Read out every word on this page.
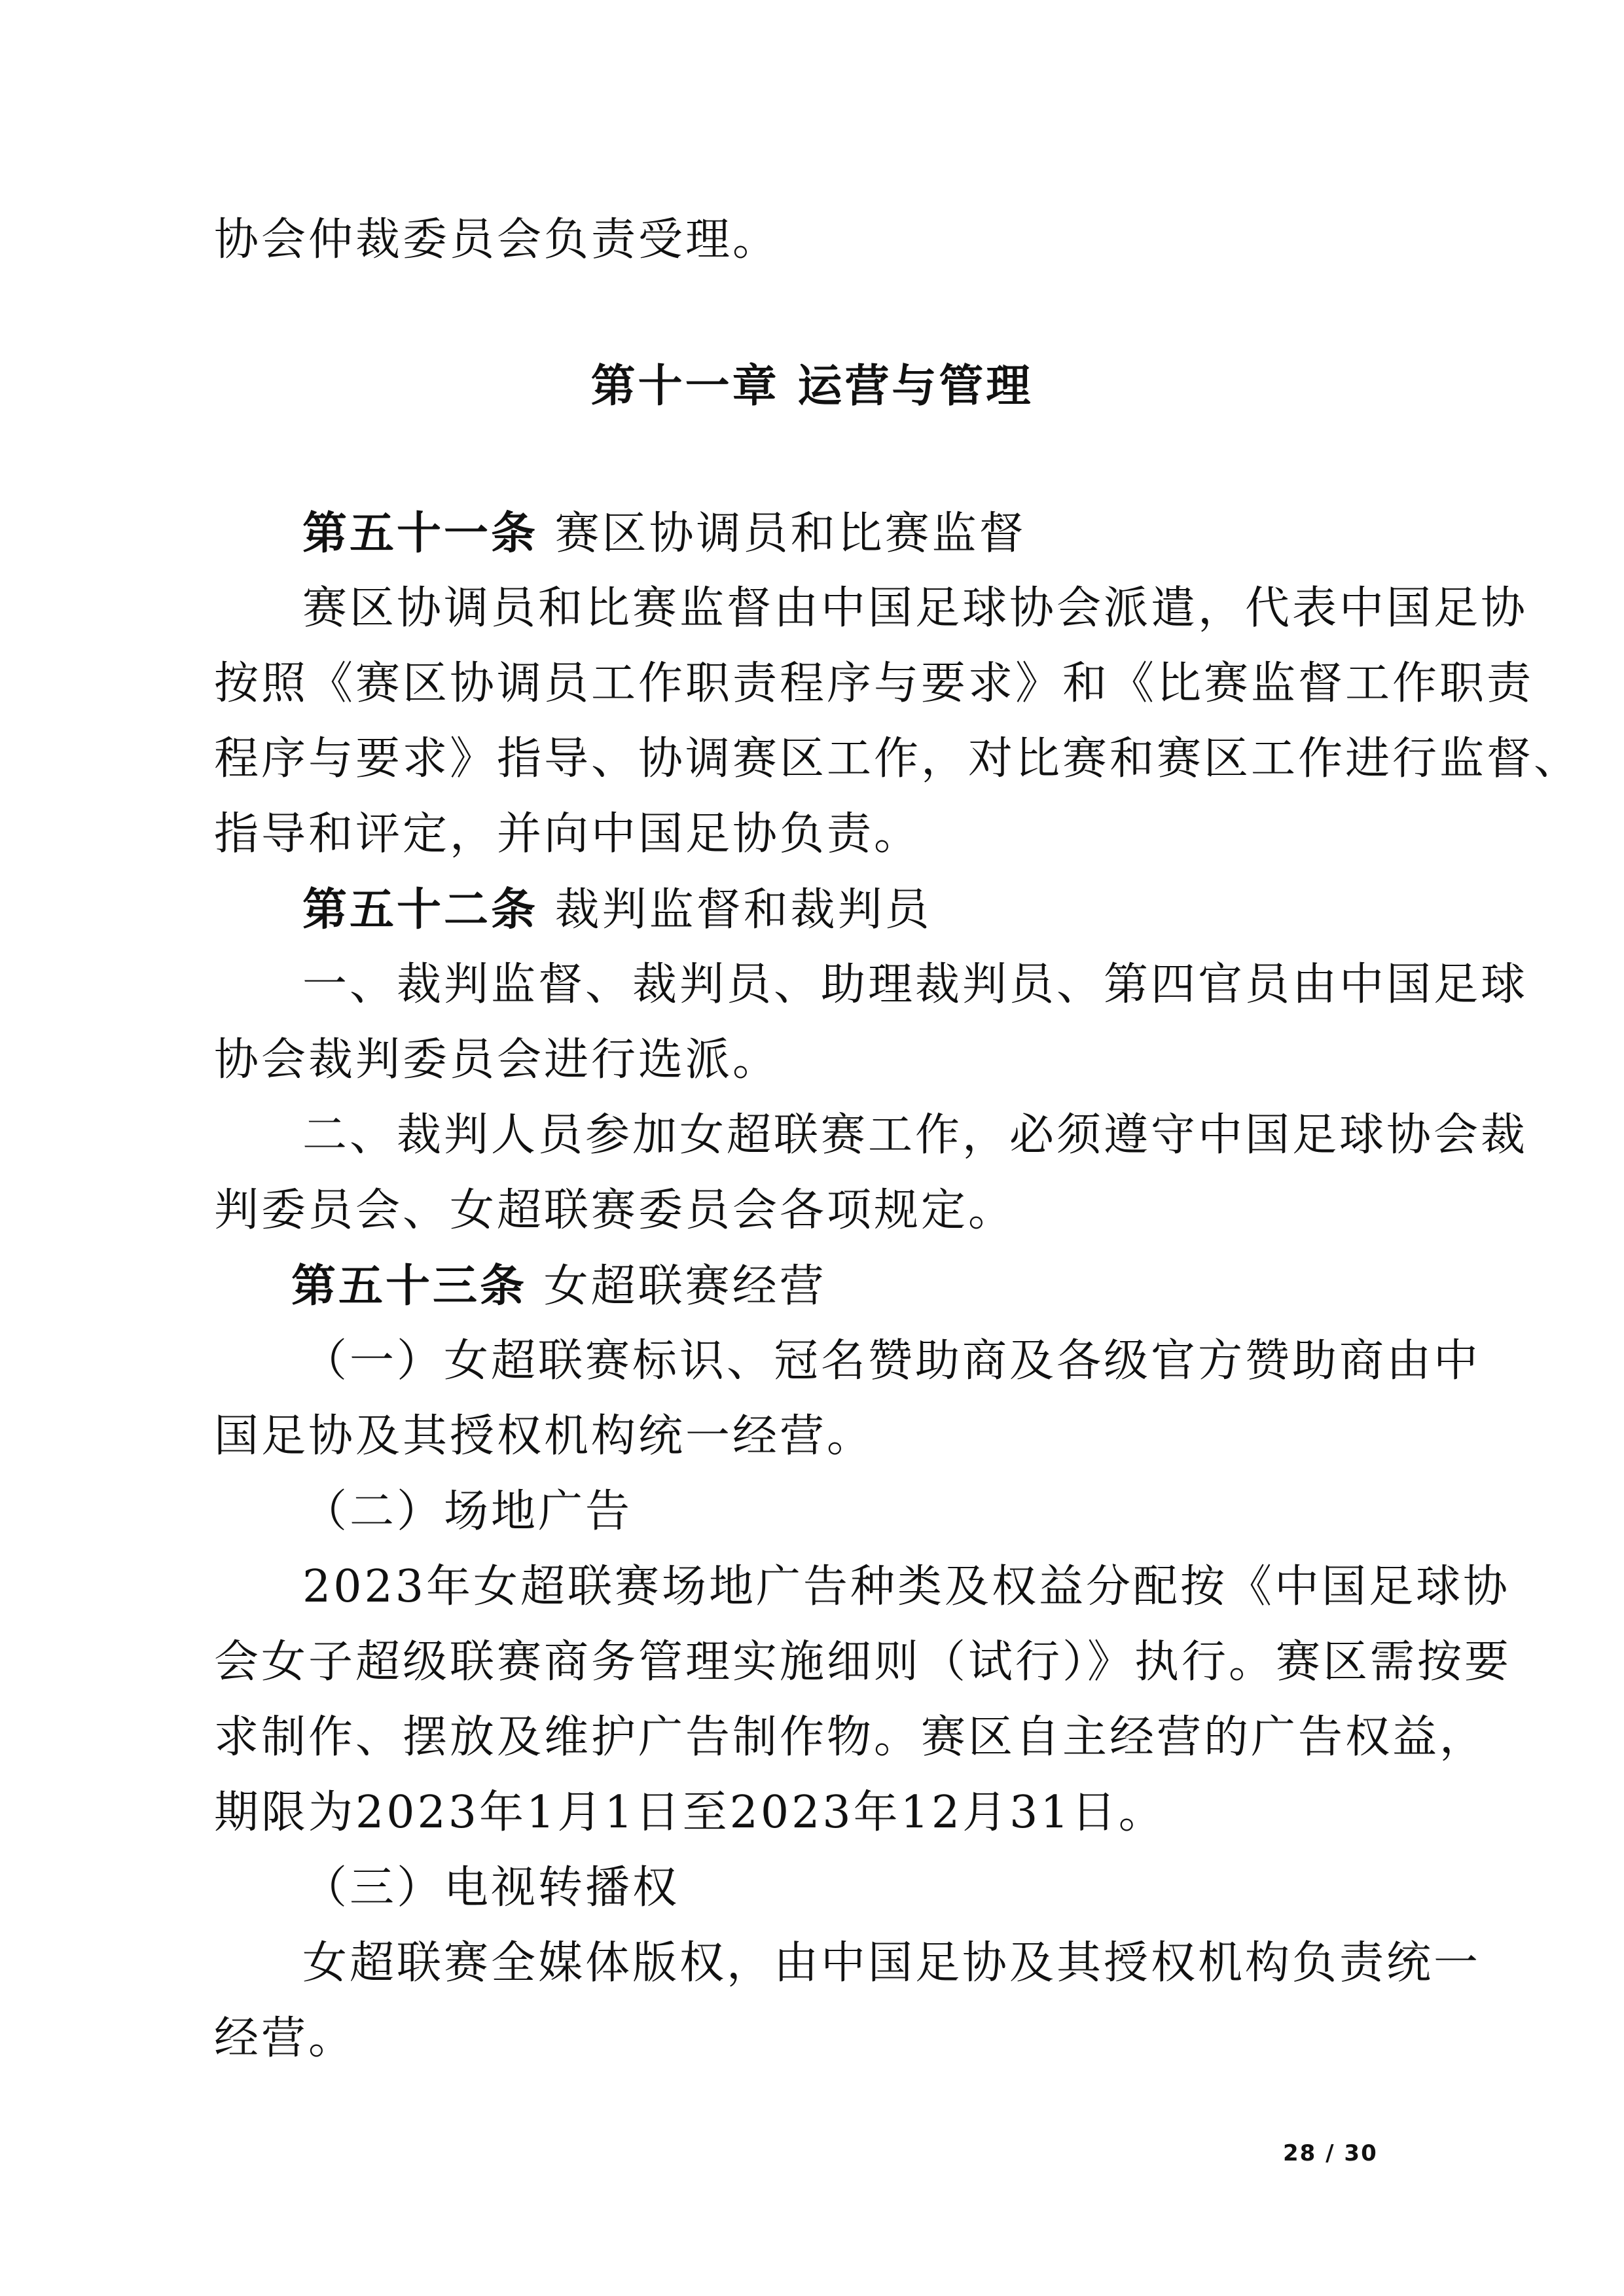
协会仲裁委员会负责受理。
第十一章 运营与管理
第五十一条 赛区协调员和比赛监督
赛区协调员和比赛监督由中国足球协会派遣，代表中国足协
按照《赛区协调员工作职责程序与要求》和《比赛监督工作职责
程序与要求》指导、协调赛区工作，对比赛和赛区工作进行监督、
指导和评定，并向中国足协负责。
第五十二条 裁判监督和裁判员
一、裁判监督、裁判员、助理裁判员、第四官员由中国足球
协会裁判委员会进行选派。
二、裁判人员参加女超联赛工作，必须遵守中国足球协会裁
判委员会、女超联赛委员会各项规定。
第五十三条 女超联赛经营
（一）女超联赛标识、冠名赞助商及各级官方赞助商由中
国足协及其授权机构统一经营。
（二）场地广告
2023年女超联赛场地广告种类及权益分配按《中国足球协
会女子超级联赛商务管理实施细则（试行）》执行。赛区需按要
求制作、摆放及维护广告制作物。赛区自主经营的广告权益，
期限为2023年1月1日至2023年12月31日。
（三）电视转播权
女超联赛全媒体版权，由中国足协及其授权机构负责统一
经营。
28 / 30
